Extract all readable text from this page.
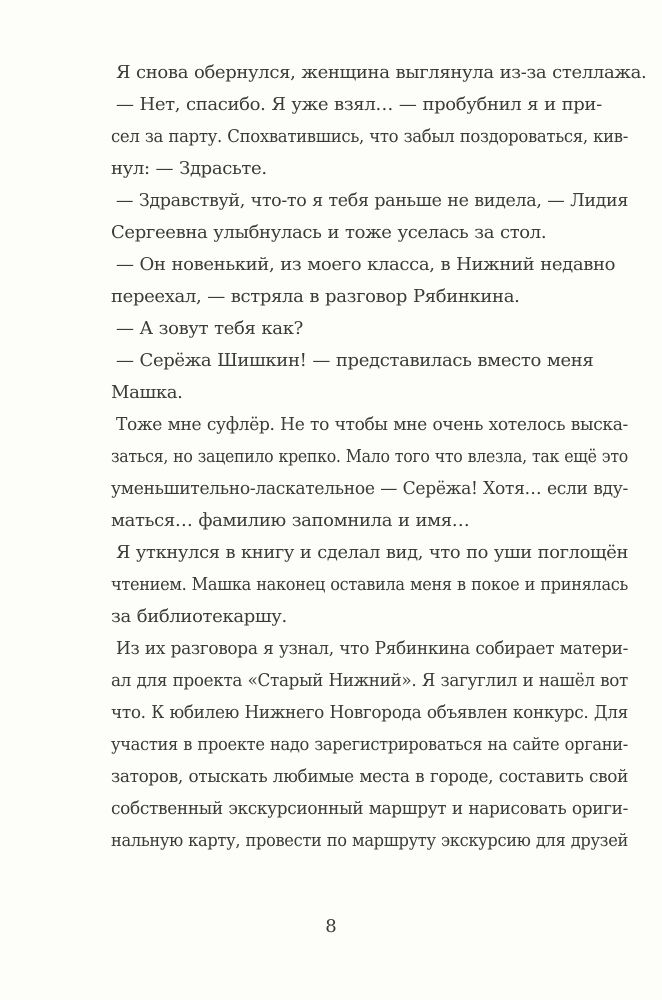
Я снова обернулся, женщина выглянула из-за стеллажа.
— Нет, спасибо. Я уже взял… — пробубнил я и при-
сел за парту. Спохватившись, что забыл поздороваться, кив-
нул: — Здрасьте.
— Здравствуй, что-то я тебя раньше не видела, — Лидия
Сергеевна улыбнулась и тоже уселась за стол.
— Он новенький, из моего класса, в Нижний недавно
переехал, — встряла в разговор Рябинкина.
— А зовут тебя как?
— Серёжа Шишкин! — представилась вместо меня
Машка.
Тоже мне суфлёр. Не то чтобы мне очень хотелось выска-
заться, но зацепило крепко. Мало того что влезла, так ещё это
уменьшительно-ласкательное — Серёжа! Хотя… если вду-
маться… фамилию запомнила и имя…
Я уткнулся в книгу и сделал вид, что по уши поглощён
чтением. Машка наконец оставила меня в покое и принялась
за библиотекаршу.
Из их разговора я узнал, что Рябинкина собирает матери-
ал для проекта «Старый Нижний». Я загуглил и нашёл вот
что. К юбилею Нижнего Новгорода объявлен конкурс. Для
участия в проекте надо зарегистрироваться на сайте органи-
заторов, отыскать любимые места в городе, составить свой
собственный экскурсионный маршрут и нарисовать ориги-
нальную карту, провести по маршруту экскурсию для друзей
8
